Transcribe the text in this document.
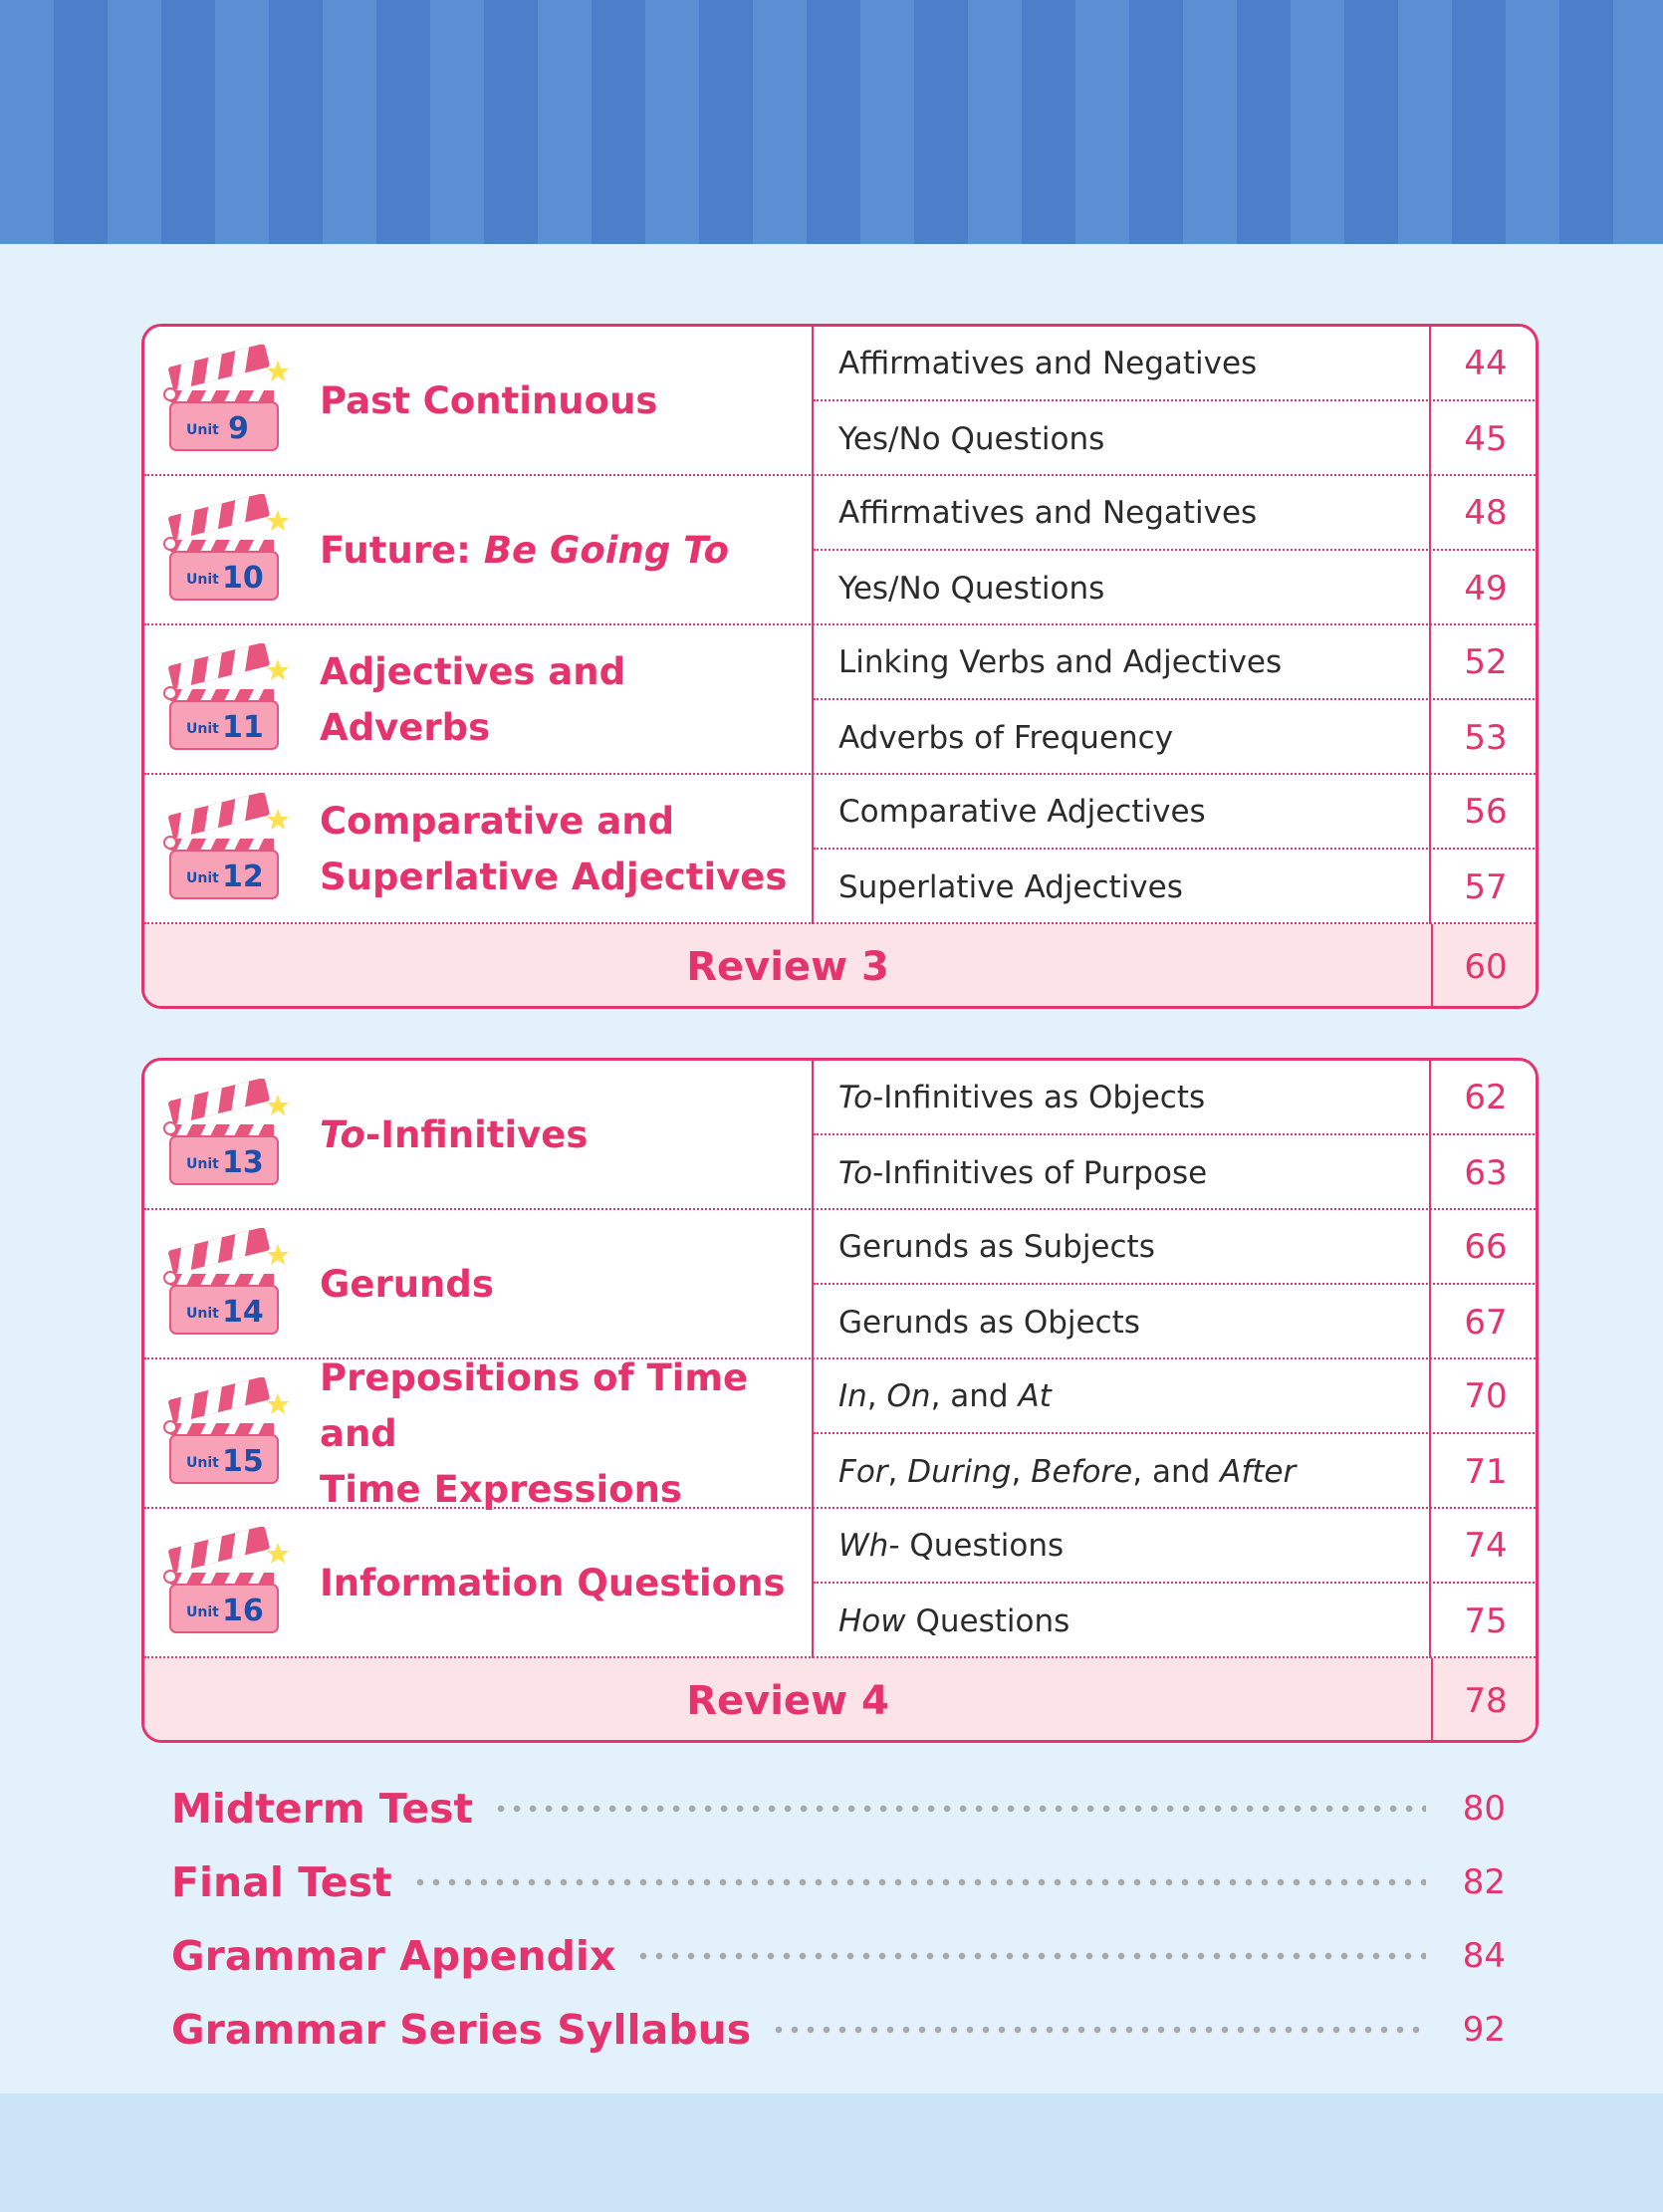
Unit 9
Past Continuous
Affirmatives and Negatives	44
Yes/No Questions	45
Unit 10
Future: Be Going To
Affirmatives and Negatives	48
Yes/No Questions	49
Unit 11
Adjectives and Adverbs
Linking Verbs and Adjectives	52
Adverbs of Frequency	53
Unit 12
Comparative and
Superlative Adjectives
Comparative Adjectives	56
Superlative Adjectives	57
Review 3	60
Unit 13
To -Infinitives
To -Infinitives as Objects	62
To -Infinitives of Purpose	63
Unit 14
Gerunds
Gerunds as Subjects	66
Gerunds as Objects	67
Unit 15
Prepositions of Time and
Time Expressions
In , On , and At	70
For , During , Before , and After	71
Unit 16
Information Questions
Wh- Questions	74
How Questions	75
Review 4	78
Midterm Test	80
Final Test	82
Grammar Appendix	84
Grammar Series Syllabus	92
